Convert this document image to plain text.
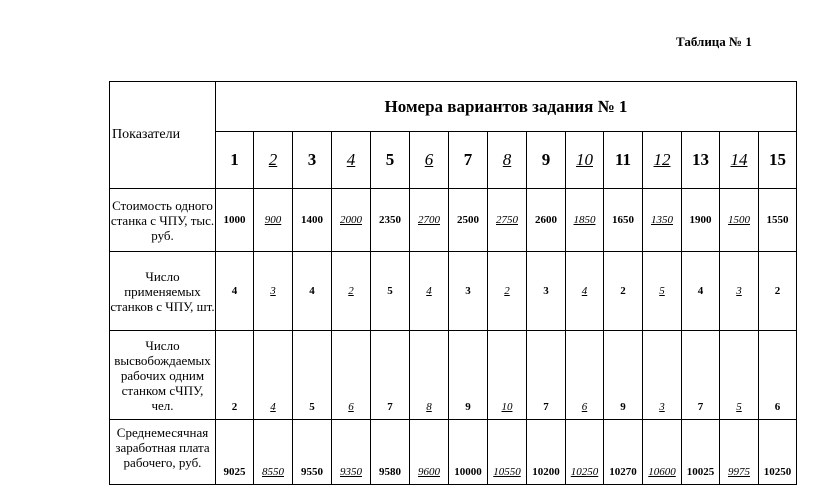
Таблица № 1
Показатели	Номера вариантов задания № 1														
	1	2	3	4	5	6	7	8	9	10	11	12	13	14	15
Стоимость одного станка с ЧПУ, тыс. руб.	1000	900	1400	2000	2350	2700	2500	2750	2600	1850	1650	1350	1900	1500	1550
Число применяемых станков с ЧПУ, шт.	4	3	4	2	5	4	3	2	3	4	2	5	4	3	2
Число высвобождаемых рабочих одним станком сЧПУ, чел.	2	4	5	6	7	8	9	10	7	6	9	3	7	5	6
Среднемесячная заработная плата рабочего, руб.	9025	8550	9550	9350	9580	9600	10000	10550	10200	10250	10270	10600	10025	9975	10250
